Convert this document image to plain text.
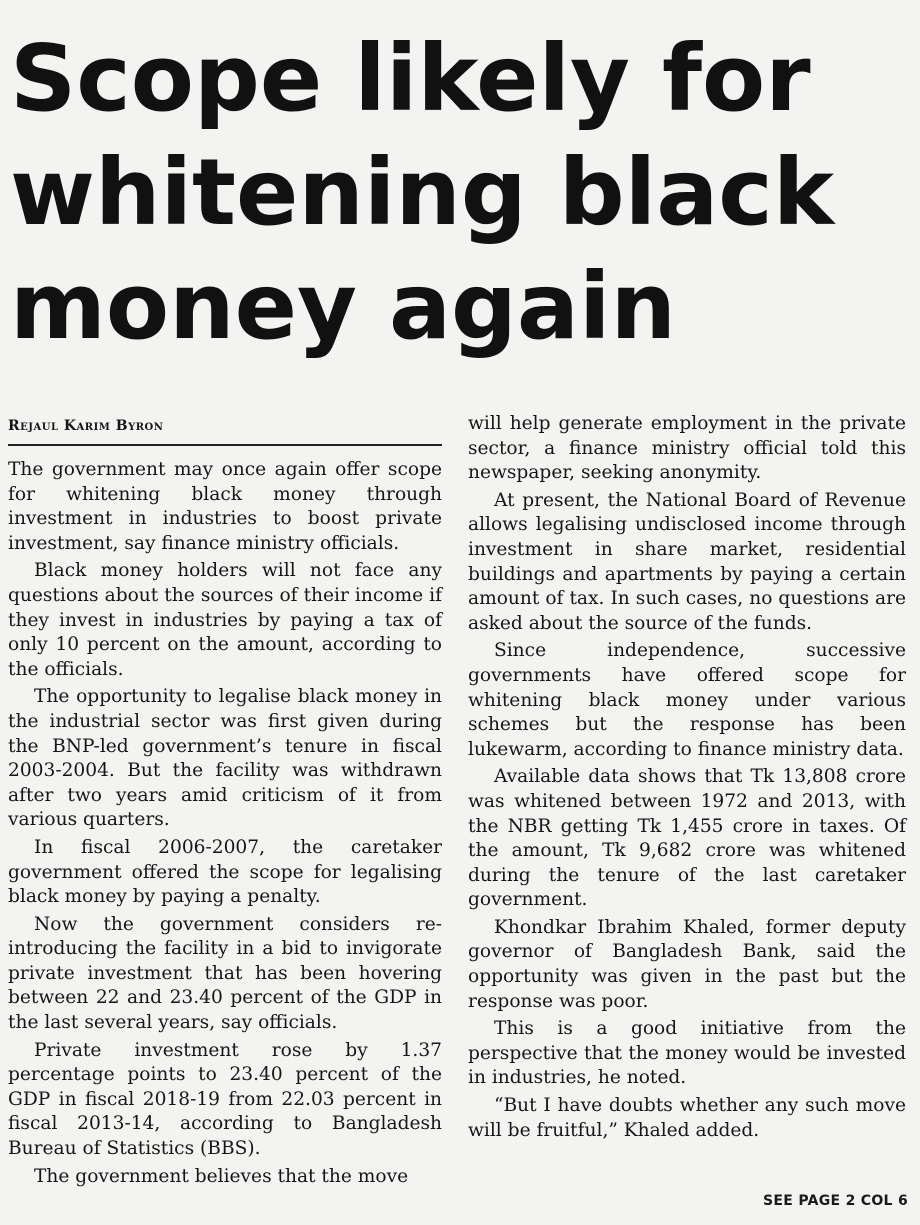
Scope likely for
whitening black
money again
Rejaul Karim Byron

The government may once again offer scope for whitening black money through investment in industries to boost private investment, say finance ministry officials.

Black money holders will not face any questions about the sources of their income if they invest in industries by paying a tax of only 10 percent on the amount, according to the officials.

The opportunity to legalise black money in the industrial sector was first given during the BNP-led government’s tenure in fiscal 2003-2004. But the facility was withdrawn after two years amid criticism of it from various quarters.

In fiscal 2006-2007, the caretaker government offered the scope for legalising black money by paying a penalty.

Now the government considers re-introducing the facility in a bid to invigorate private investment that has been hovering between 22 and 23.40 percent of the GDP in the last several years, say officials.

Private investment rose by 1.37 percentage points to 23.40 percent of the GDP in fiscal 2018-19 from 22.03 percent in fiscal 2013-14, according to Bangladesh Bureau of Statistics (BBS).

The government believes that the move

will help generate employment in the private sector, a finance ministry official told this newspaper, seeking anonymity.

At present, the National Board of Revenue allows legalising undisclosed income through investment in share market, residential buildings and apartments by paying a certain amount of tax. In such cases, no questions are asked about the source of the funds.

Since independence, successive governments have offered scope for whitening black money under various schemes but the response has been lukewarm, according to finance ministry data.

Available data shows that Tk 13,808 crore was whitened between 1972 and 2013, with the NBR getting Tk 1,455 crore in taxes. Of the amount, Tk 9,682 crore was whitened during the tenure of the last caretaker government.

Khondkar Ibrahim Khaled, former deputy governor of Bangladesh Bank, said the opportunity was given in the past but the response was poor.

This is a good initiative from the perspective that the money would be invested in industries, he noted.

“But I have doubts whether any such move will be fruitful,” Khaled added.

SEE PAGE 2 COL 6
